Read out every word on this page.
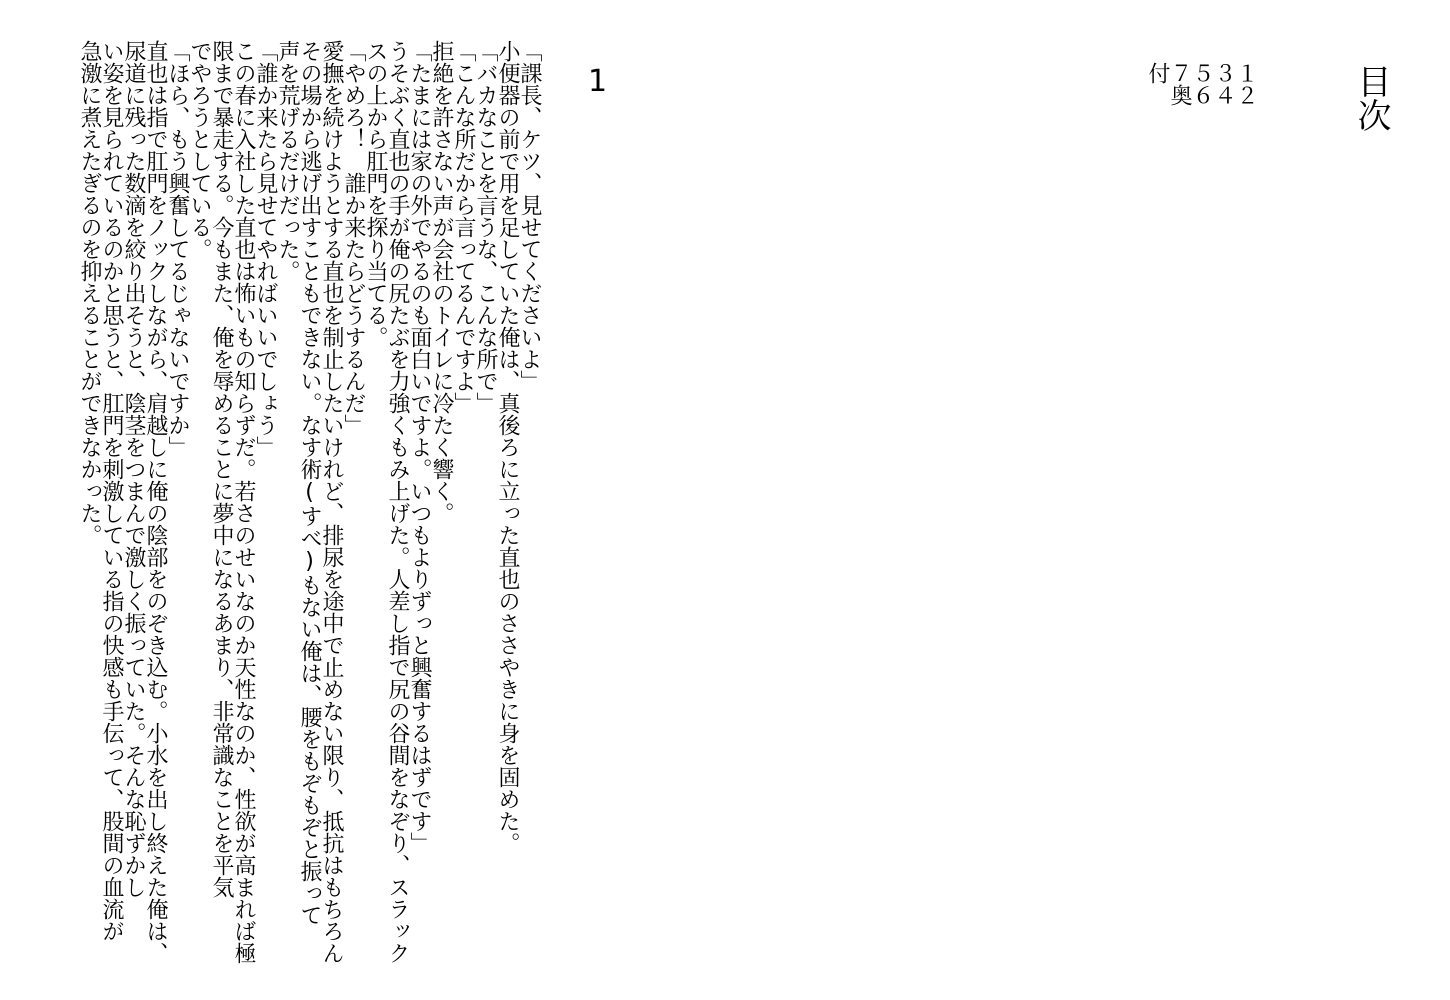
「課長、ケツ、見せてくださいよ」
小便器の前で用を足していた俺は、真後ろに立った直也のささやきに身を固めた。
「バカなことを言うな、こんな所で」
「こんな所だから言ってるんですよ」
拒絶を許さない声が会社のトイレに冷たく響く。
「たまには家の外でやるのも面白いですよ。いつもよりずっと興奮するはずです」
うそぶく直也の手が俺の尻たぶを力強くもみ上げた。人差し指で尻の谷間をなぞり、スラックスの上から肛門を探り当てる。
「やめろ！　誰か来たらどうするんだ」
愛撫を続けようとする直也を制止したいけれど、排尿を途中で止めない限り、抵抗はもちろんその場から逃げ出すこともできない。なす術(すべ)もない俺は、腰をもぞもぞと振って
声を荒げるだけだった。
「誰か来たら見せてやればいいでしょう」
この春に入社した直也は怖いもの知らずだ。若さのせいなのか天性なのか、性欲が高まれば極限まで暴走する。今もまた、俺を辱めることに夢中になるあまり、非常識なことを平気
でやろうとしている。
「ほら、もう興奮してるじゃないですか」
直也は指で肛門をノックしながら、肩越しに俺の陰部をのぞき込む。小水を出し終えた俺は、尿道に残った数滴を絞り出そうと、陰茎をつまんで激しく振っていた。そんな恥ずかし
い姿を見られているのかと思うと、肛門を刺激している指の快感も手伝って、股間の血流が
急激に煮えたぎるのを抑えることができなかった。	1	１２３４５６７奥付	目次
